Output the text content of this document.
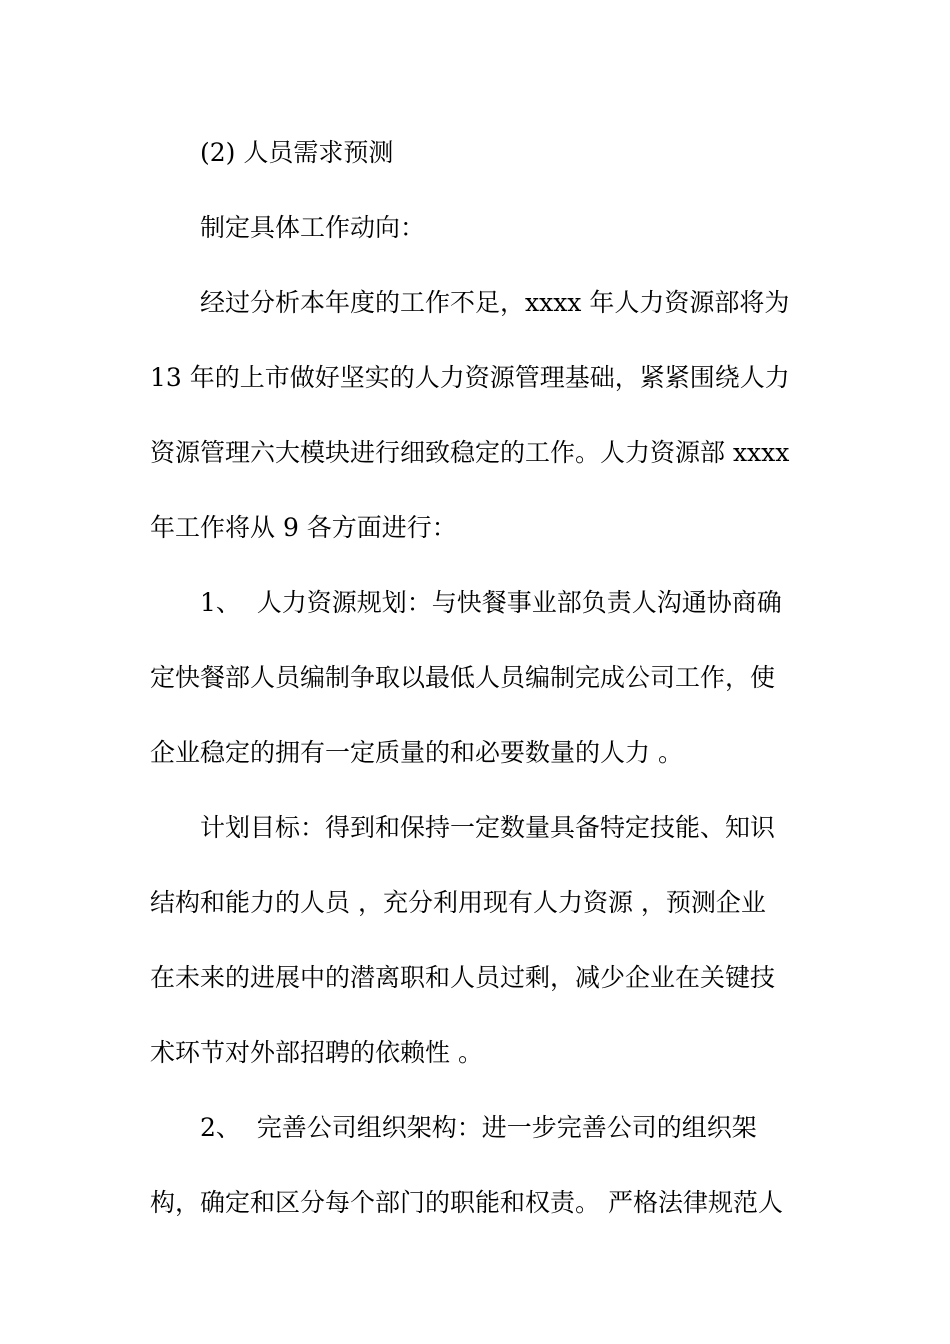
(2) 人员需求预测

制定具体工作动向：

经过分析本年度的工作不足，xxxx 年人力资源部将为

13 年的上市做好坚实的人力资源管理基础，紧紧围绕人力

资源管理六大模块进行细致稳定的工作。人力资源部 xxxx

年工作将从 9 各方面进行：

1、  人力资源规划：与快餐事业部负责人沟通协商确

定快餐部人员编制争取以最低人员编制完成公司工作，使

企业稳定的拥有一定质量的和必要数量的人力 。

计划目标：得到和保持一定数量具备特定技能、知识

结构和能力的人员 ，充分利用现有人力资源 ，预测企业

在未来的进展中的潜离职和人员过剩，减少企业在关键技

术环节对外部招聘的依赖性 。

2、  完善公司组织架构：进一步完善公司的组织架

构，确定和区分每个部门的职能和权责。 严格法律规范人
